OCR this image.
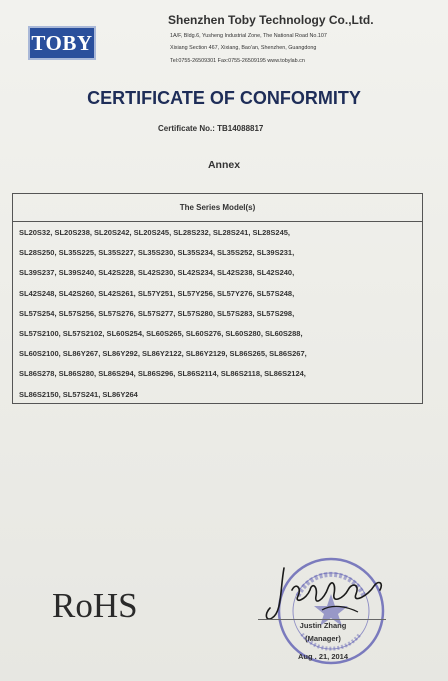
TOBY
Shenzhen Toby Technology Co.,Ltd.
1A/F, Bldg.6, Yusheng Industrial Zone, The National Road No.107
Xixiang Section 467, Xixiang, Bao'an, Shenzhen, Guangdong
Tel:0755-26509301 Fax:0755-26509195 www.tobylab.cn
CERTIFICATE OF CONFORMITY
Certificate No.: TB14088817
Annex
The Series Model(s)
SL20S32, SL20S238, SL20S242, SL20S245, SL28S232, SL28S241, SL28S245,
SL28S250, SL35S225, SL35S227, SL35S230, SL35S234, SL35S252, SL39S231,
SL39S237, SL39S240, SL42S228, SL42S230, SL42S234, SL42S238, SL42S240,
SL42S248, SL42S260, SL42S261, SL57Y251, SL57Y256, SL57Y276, SL57S248,
SL57S254, SL57S256, SL57S276, SL57S277, SL57S280, SL57S283, SL57S298,
SL57S2100, SL57S2102, SL60S254, SL60S265, SL60S276, SL60S280, SL60S288,
SL60S2100, SL86Y267, SL86Y292, SL86Y2122, SL86Y2129, SL86S265, SL86S267,
SL86S278, SL86S280, SL86S294, SL86S296, SL86S2114, SL86S2118, SL86S2124,
SL86S2150, SL57S241, SL86Y264
RoHS
Justin Zhang
(Manager)
Aug . 21, 2014
